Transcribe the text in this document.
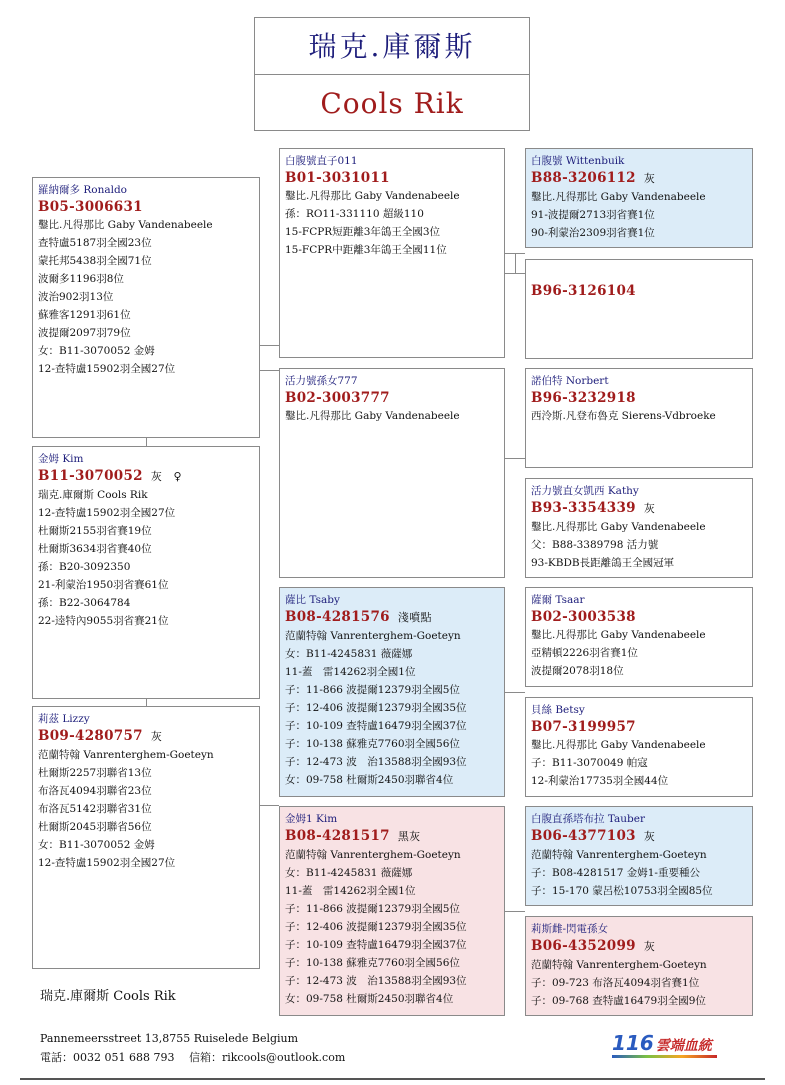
瑞克.庫爾斯
Cools Rik
羅納爾多 Ronaldo
B05-3006631
鑿比.凡得那比 Gaby Vandenabeele
查特盧5187羽全國23位
蒙托邦5438羽全國71位
波爾多1196羽8位
波治902羽13位
蘇雅客1291羽61位
波提爾2097羽79位
女：B11-3070052 金姆
12-查特盧15902羽全國27位
金姆 Kim
B11-3070052 灰　♀
瑞克.庫爾斯 Cools Rik
12-查特盧15902羽全國27位
杜爾斯2155羽省賽19位
杜爾斯3634羽省賽40位
孫：B20-3092350
21-利蒙治1950羽省賽61位
孫：B22-3064784
22-逵特內9055羽省賽21位
莉茲 Lizzy
B09-4280757 灰
范蘭特翰 Vanrenterghem-Goeteyn
杜爾斯2257羽聯省13位
布洛瓦4094羽聯省23位
布洛瓦5142羽聯省31位
杜爾斯2045羽聯省56位
女：B11-3070052 金姆
12-查特盧15902羽全國27位
白腹號直子011
B01-3031011
鑿比.凡得那比 Gaby Vandenabeele
孫：RO11-331110 超級110
15-FCPR短距離3年鴿王全國3位
15-FCPR中距離3年鴿王全國11位
活力號孫女777
B02-3003777
鑿比.凡得那比 Gaby Vandenabeele
薩比 Tsaby
B08-4281576 淺噴點
范蘭特翰 Vanrenterghem-Goeteyn
女：B11-4245831 薇薩娜
11-蓋　雷14262羽全國1位
子：11-866 波提爾12379羽全國5位
子：12-406 波提爾12379羽全國35位
子：10-109 查特盧16479羽全國37位
子：10-138 蘇雅克7760羽全國56位
子：12-473 波　治13588羽全國93位
女：09-758 杜爾斯2450羽聯省4位
金姆1 Kim
B08-4281517 黑灰
范蘭特翰 Vanrenterghem-Goeteyn
女：B11-4245831 薇薩娜
11-蓋　雷14262羽全國1位
子：11-866 波提爾12379羽全國5位
子：12-406 波提爾12379羽全國35位
子：10-109 查特盧16479羽全國37位
子：10-138 蘇雅克7760羽全國56位
子：12-473 波　治13588羽全國93位
女：09-758 杜爾斯2450羽聯省4位
白腹號 Wittenbuik
B88-3206112 灰
鑿比.凡得那比 Gaby Vandenabeele
91-波提爾2713羽省賽1位
90-利蒙治2309羽省賽1位
B96-3126104
諾伯特 Norbert
B96-3232918
西泠斯.凡登布魯克 Sierens-Vdbroeke
活力號直女凱西 Kathy
B93-3354339 灰
鑿比.凡得那比 Gaby Vandenabeele
父：B88-3389798 活力號
93-KBDB長距離鴿王全國冠軍
薩爾 Tsaar
B02-3003538
鑿比.凡得那比 Gaby Vandenabeele
亞精頓2226羽省賽1位
波提爾2078羽18位
貝絲 Betsy
B07-3199957
鑿比.凡得那比 Gaby Vandenabeele
子：B11-3070049 帕寇
12-利蒙治17735羽全國44位
白腹直孫塔布拉 Tauber
B06-4377103 灰
范蘭特翰 Vanrenterghem-Goeteyn
子：B08-4281517 金姆1-重要種公
子：15-170 蒙呂松10753羽全國85位
莉斯雌-閃電孫女
B06-4352099 灰
范蘭特翰 Vanrenterghem-Goeteyn
子：09-723 布洛瓦4094羽省賽1位
子：09-768 查特盧16479羽全國9位
瑞克.庫爾斯 Cools Rik
Pannemeersstreet 13,8755 Ruiselede Belgium
電話：0032 051 688 793　 信箱：rikcools@outlook.com
116 雲端血統
